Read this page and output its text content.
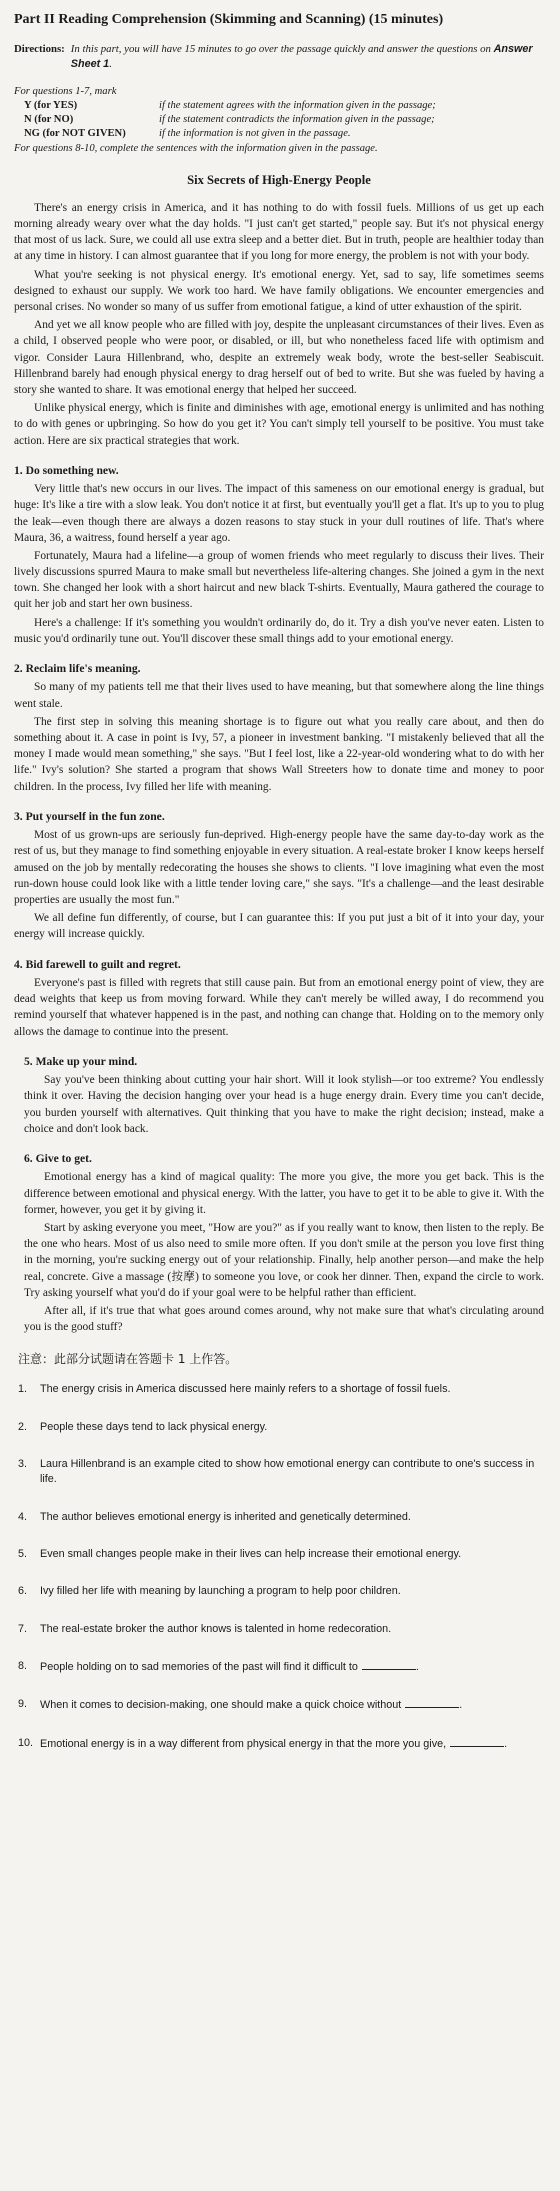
Part II Reading Comprehension (Skimming and Scanning) (15 minutes)
Directions: In this part, you will have 15 minutes to go over the passage quickly and answer the questions on Answer Sheet 1.
For questions 1-7, mark
Y (for YES)	if the statement agrees with the information given in the passage;
N (for NO)	if the statement contradicts the information given in the passage;
NG (for NOT GIVEN)	if the information is not given in the passage.
For questions 8-10, complete the sentences with the information given in the passage.
Six Secrets of High-Energy People

There's an energy crisis in America, and it has nothing to do with fossil fuels. Millions of us get up each morning already weary over what the day holds. "I just can't get started," people say. But it's not physical energy that most of us lack. Sure, we could all use extra sleep and a better diet. But in truth, people are healthier today than at any time in history. I can almost guarantee that if you long for more energy, the problem is not with your body.

What you're seeking is not physical energy. It's emotional energy. Yet, sad to say, life sometimes seems designed to exhaust our supply. We work too hard. We have family obligations. We encounter emergencies and personal crises. No wonder so many of us suffer from emotional fatigue, a kind of utter exhaustion of the spirit.

And yet we all know people who are filled with joy, despite the unpleasant circumstances of their lives. Even as a child, I observed people who were poor, or disabled, or ill, but who nonetheless faced life with optimism and vigor. Consider Laura Hillenbrand, who, despite an extremely weak body, wrote the best-seller Seabiscuit. Hillenbrand barely had enough physical energy to drag herself out of bed to write. But she was fueled by having a story she wanted to share. It was emotional energy that helped her succeed.

Unlike physical energy, which is finite and diminishes with age, emotional energy is unlimited and has nothing to do with genes or upbringing. So how do you get it? You can't simply tell yourself to be positive. You must take action. Here are six practical strategies that work.

1. Do something new.

Very little that's new occurs in our lives. The impact of this sameness on our emotional energy is gradual, but huge: It's like a tire with a slow leak. You don't notice it at first, but eventually you'll get a flat. It's up to you to plug the leak—even though there are always a dozen reasons to stay stuck in your dull routines of life. That's where Maura, 36, a waitress, found herself a year ago.

Fortunately, Maura had a lifeline—a group of women friends who meet regularly to discuss their lives. Their lively discussions spurred Maura to make small but nevertheless life-altering changes. She joined a gym in the next town. She changed her look with a short haircut and new black T-shirts. Eventually, Maura gathered the courage to quit her job and start her own business.

Here's a challenge: If it's something you wouldn't ordinarily do, do it. Try a dish you've never eaten. Listen to music you'd ordinarily tune out. You'll discover these small things add to your emotional energy.

2. Reclaim life's meaning.

So many of my patients tell me that their lives used to have meaning, but that somewhere along the line things went stale.

The first step in solving this meaning shortage is to figure out what you really care about, and then do something about it. A case in point is Ivy, 57, a pioneer in investment banking. "I mistakenly believed that all the money I made would mean something," she says. "But I feel lost, like a 22-year-old wondering what to do with her life." Ivy's solution? She started a program that shows Wall Streeters how to donate time and money to poor children. In the process, Ivy filled her life with meaning.

3. Put yourself in the fun zone.

Most of us grown-ups are seriously fun-deprived. High-energy people have the same day-to-day work as the rest of us, but they manage to find something enjoyable in every situation. A real-estate broker I know keeps herself amused on the job by mentally redecorating the houses she shows to clients. "I love imagining what even the most run-down house could look like with a little tender loving care," she says. "It's a challenge—and the least desirable properties are usually the most fun."

We all define fun differently, of course, but I can guarantee this: If you put just a bit of it into your day, your energy will increase quickly.

4. Bid farewell to guilt and regret.

Everyone's past is filled with regrets that still cause pain. But from an emotional energy point of view, they are dead weights that keep us from moving forward. While they can't merely be willed away, I do recommend you remind yourself that whatever happened is in the past, and nothing can change that. Holding on to the memory only allows the damage to continue into the present.

5. Make up your mind.

Say you've been thinking about cutting your hair short. Will it look stylish—or too extreme? You endlessly think it over. Having the decision hanging over your head is a huge energy drain. Every time you can't decide, you burden yourself with alternatives. Quit thinking that you have to make the right decision; instead, make a choice and don't look back.

6. Give to get.

Emotional energy has a kind of magical quality: The more you give, the more you get back. This is the difference between emotional and physical energy. With the latter, you have to get it to be able to give it. With the former, however, you get it by giving it.

Start by asking everyone you meet, "How are you?" as if you really want to know, then listen to the reply. Be the one who hears. Most of us also need to smile more often. If you don't smile at the person you love first thing in the morning, you're sucking energy out of your relationship. Finally, help another person—and make the help real, concrete. Give a massage (按摩) to someone you love, or cook her dinner. Then, expand the circle to work. Try asking yourself what you'd do if your goal were to be helpful rather than efficient.

After all, if it's true that what goes around comes around, why not make sure that what's circulating around you is the good stuff?

注意：此部分试题请在答题卡 1 上作答。
1.	The energy crisis in America discussed here mainly refers to a shortage of fossil fuels.
2.	People these days tend to lack physical energy.
3.	Laura Hillenbrand is an example cited to show how emotional energy can contribute to one's success in life.
4.	The author believes emotional energy is inherited and genetically determined.
5.	Even small changes people make in their lives can help increase their emotional energy.
6.	Ivy filled her life with meaning by launching a program to help poor children.
7.	The real-estate broker the author knows is talented in home redecoration.
8.	People holding on to sad memories of the past will find it difficult to	.
9.	When it comes to decision-making, one should make a quick choice without	.
10. Emotional energy is in a way different from physical energy in that the more you give,	.
